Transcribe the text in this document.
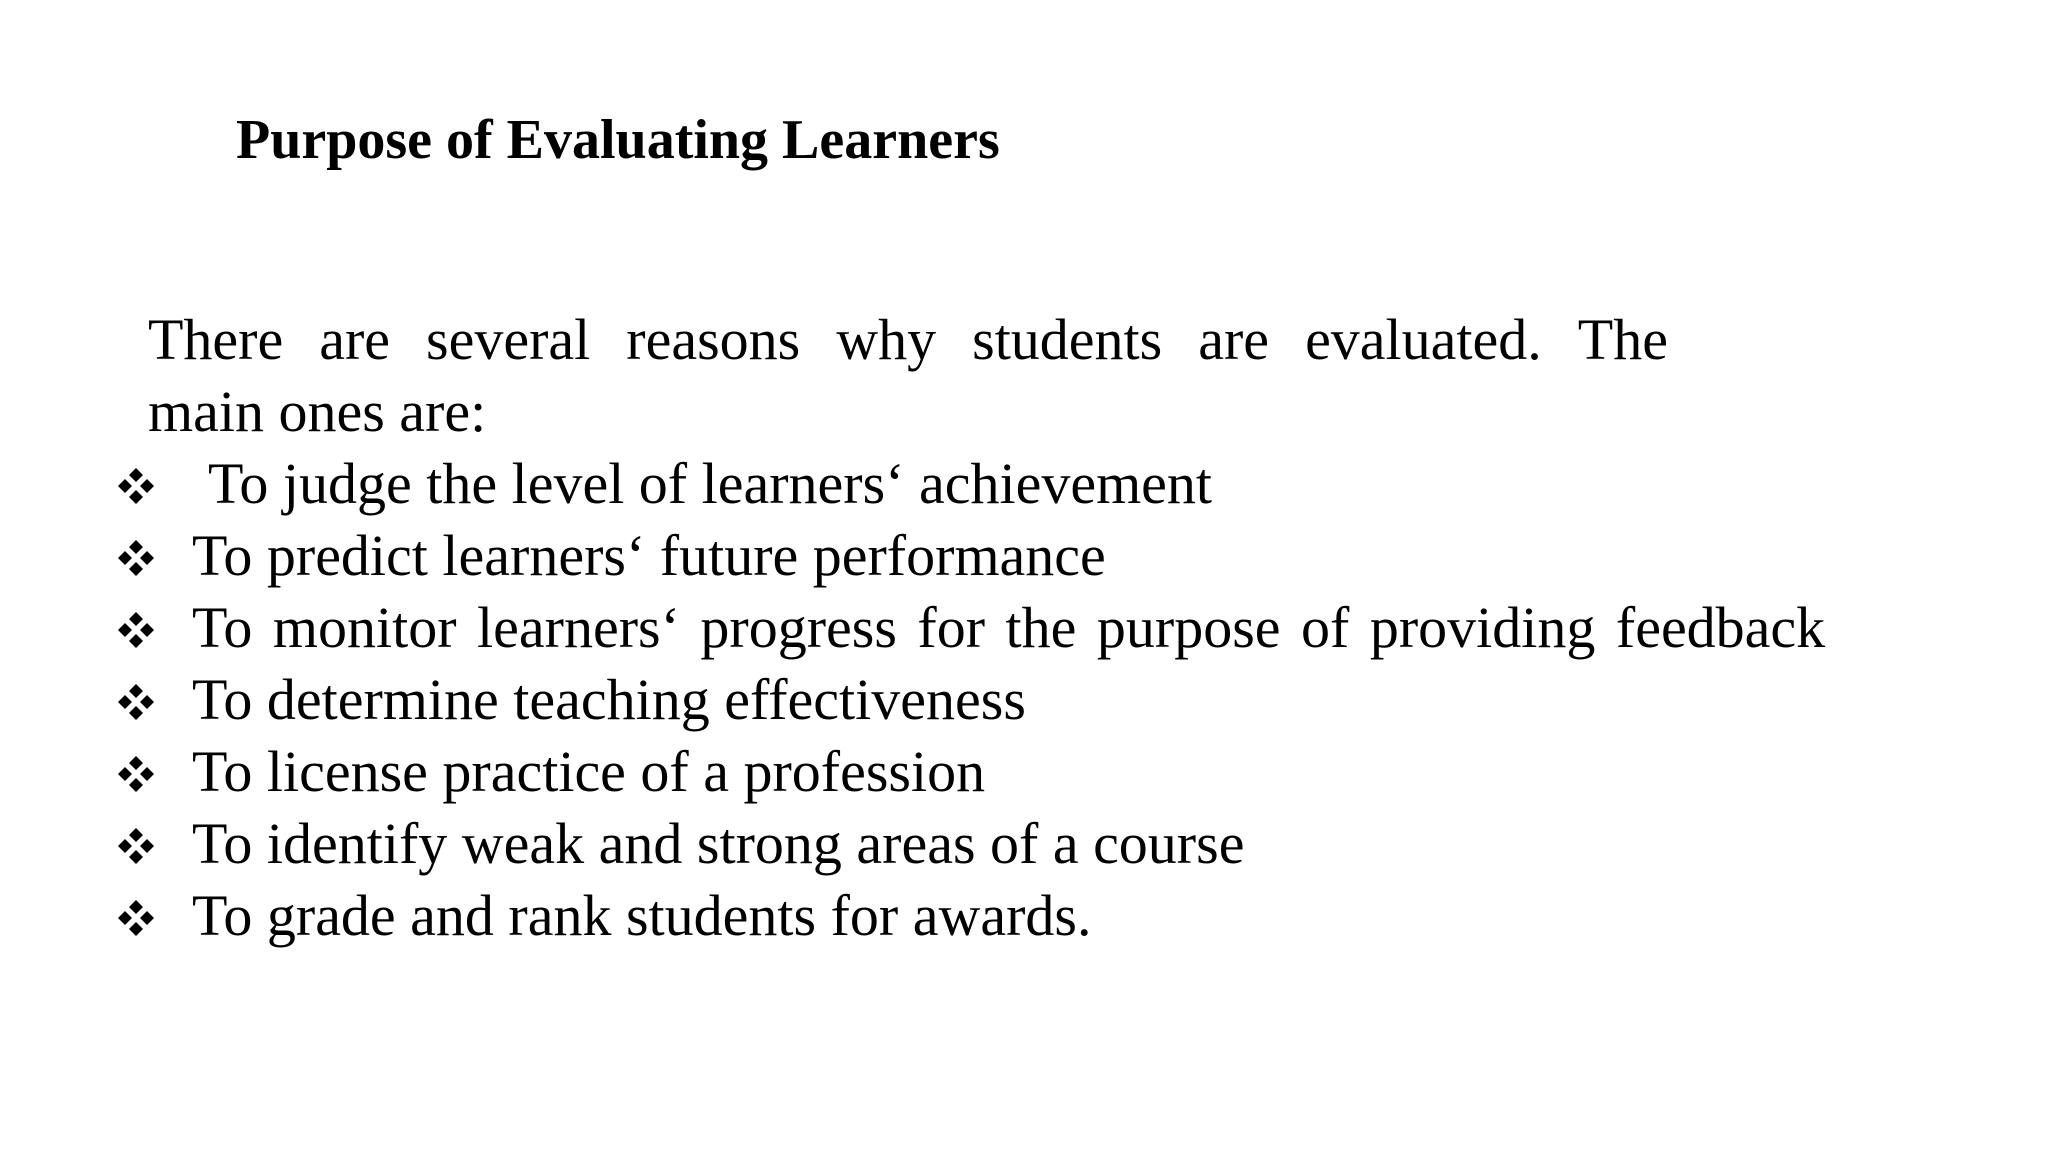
Purpose of Evaluating Learners
There are several reasons why students are evaluated. The
main ones are:
To judge the level of learners‘ achievement
To predict learners‘ future performance
To monitor learners‘ progress for the purpose of providing feedback
To determine teaching effectiveness
To license practice of a profession
To identify weak and strong areas of a course
To grade and rank students for awards.
